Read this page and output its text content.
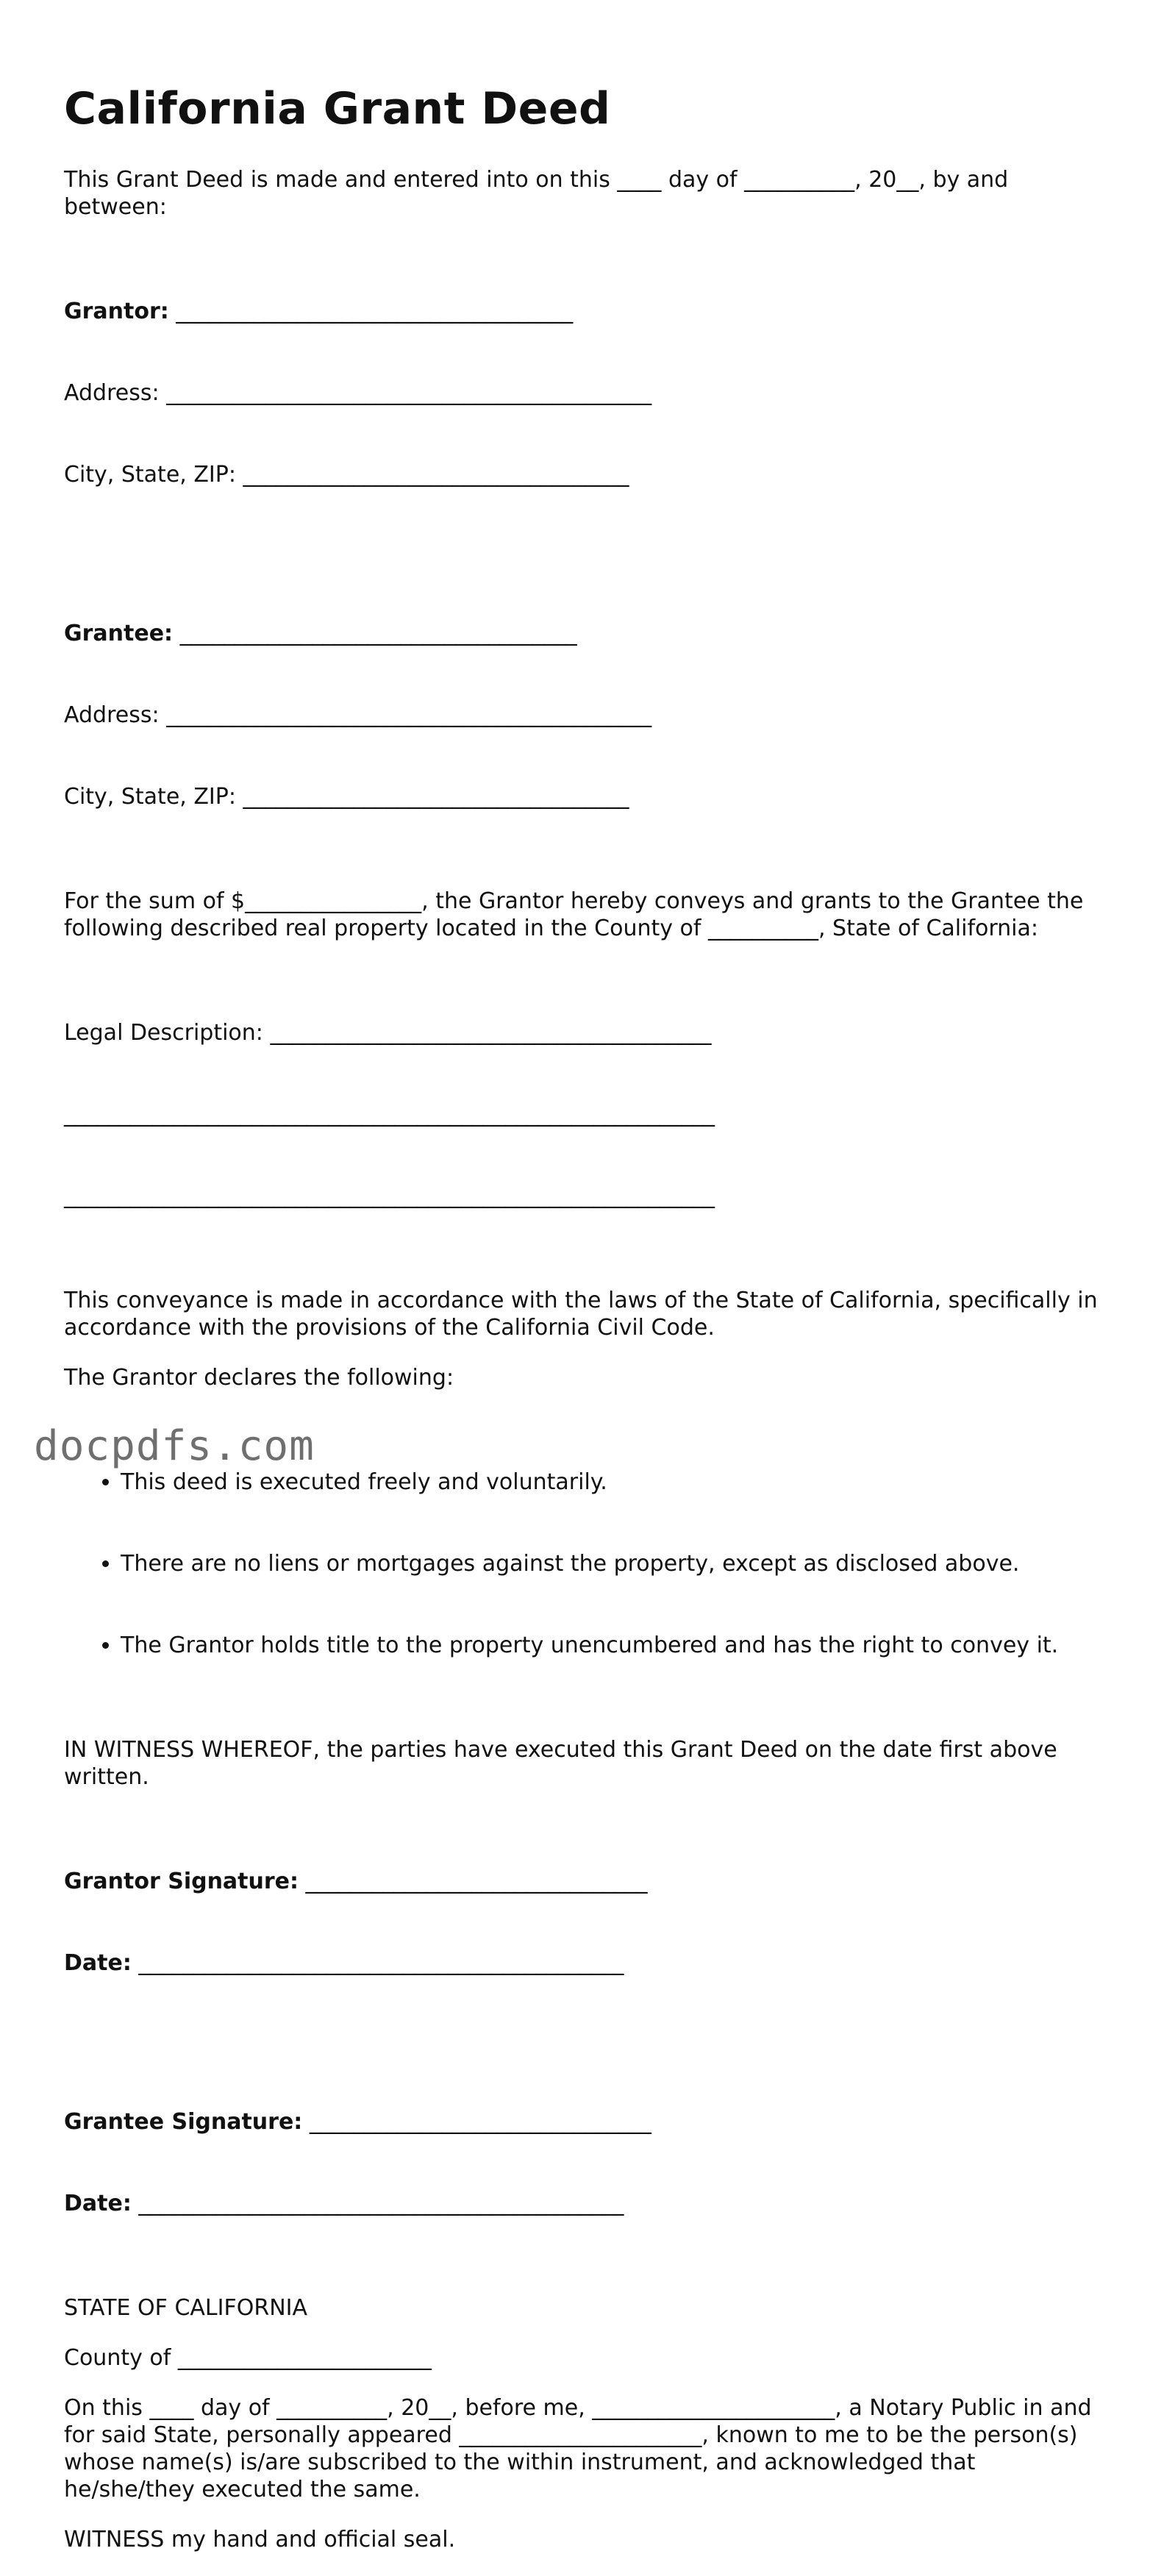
California Grant Deed

This Grant Deed is made and entered into on this ____ day of __________, 20__, by and between:

Grantor: ____________________________________

Address: ____________________________________________

City, State, ZIP: ___________________________________

Grantee: ____________________________________

Address: ____________________________________________

City, State, ZIP: ___________________________________

For the sum of $________________, the Grantor hereby conveys and grants to the Grantee the following described real property located in the County of __________, State of California:

Legal Description: ________________________________________

___________________________________________________________

___________________________________________________________

This conveyance is made in accordance with the laws of the State of California, specifically in accordance with the provisions of the California Civil Code.

The Grantor declares the following:

• This deed is executed freely and voluntarily.

• There are no liens or mortgages against the property, except as disclosed above.

• The Grantor holds title to the property unencumbered and has the right to convey it.

IN WITNESS WHEREOF, the parties have executed this Grant Deed on the date first above written.

Grantor Signature: _______________________________

Date: ____________________________________________

Grantee Signature: _______________________________

Date: ____________________________________________

STATE OF CALIFORNIA

County of _______________________

On this ____ day of __________, 20__, before me, ______________________, a Notary Public in and for said State, personally appeared ______________________, known to me to be the person(s) whose name(s) is/are subscribed to the within instrument, and acknowledged that he/she/they executed the same.

WITNESS my hand and official seal.

docpdfs.com
